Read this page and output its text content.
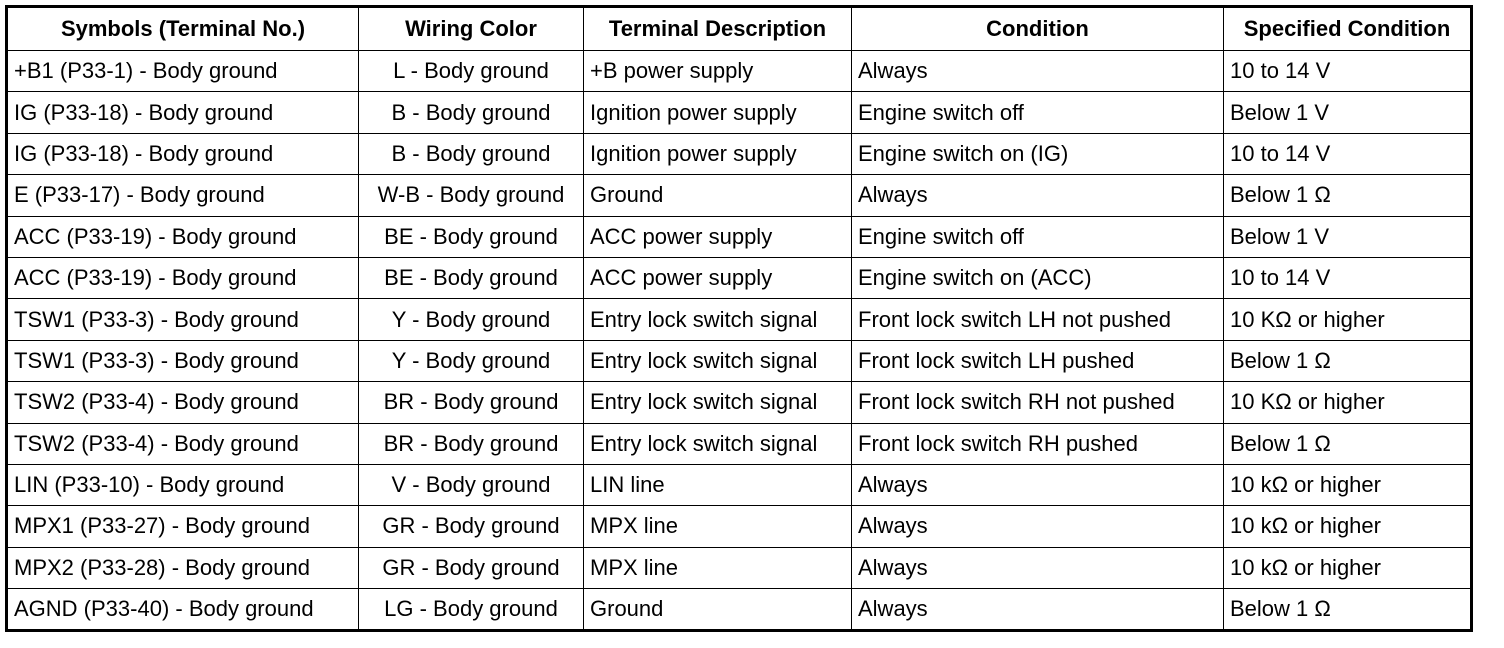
Symbols (Terminal No.)	Wiring Color	Terminal Description	Condition	Specified Condition
+B1 (P33-1) - Body ground	L - Body ground	+B power supply	Always	10 to 14 V
IG (P33-18) - Body ground	B - Body ground	Ignition power supply	Engine switch off	Below 1 V
IG (P33-18) - Body ground	B - Body ground	Ignition power supply	Engine switch on (IG)	10 to 14 V
E (P33-17) - Body ground	W-B - Body ground	Ground	Always	Below 1 Ω
ACC (P33-19) - Body ground	BE - Body ground	ACC power supply	Engine switch off	Below 1 V
ACC (P33-19) - Body ground	BE - Body ground	ACC power supply	Engine switch on (ACC)	10 to 14 V
TSW1 (P33-3) - Body ground	Y - Body ground	Entry lock switch signal	Front lock switch LH not pushed	10 KΩ or higher
TSW1 (P33-3) - Body ground	Y - Body ground	Entry lock switch signal	Front lock switch LH pushed	Below 1 Ω
TSW2 (P33-4) - Body ground	BR - Body ground	Entry lock switch signal	Front lock switch RH not pushed	10 KΩ or higher
TSW2 (P33-4) - Body ground	BR - Body ground	Entry lock switch signal	Front lock switch RH pushed	Below 1 Ω
LIN (P33-10) - Body ground	V - Body ground	LIN line	Always	10 kΩ or higher
MPX1 (P33-27) - Body ground	GR - Body ground	MPX line	Always	10 kΩ or higher
MPX2 (P33-28) - Body ground	GR - Body ground	MPX line	Always	10 kΩ or higher
AGND (P33-40) - Body ground	LG - Body ground	Ground	Always	Below 1 Ω
